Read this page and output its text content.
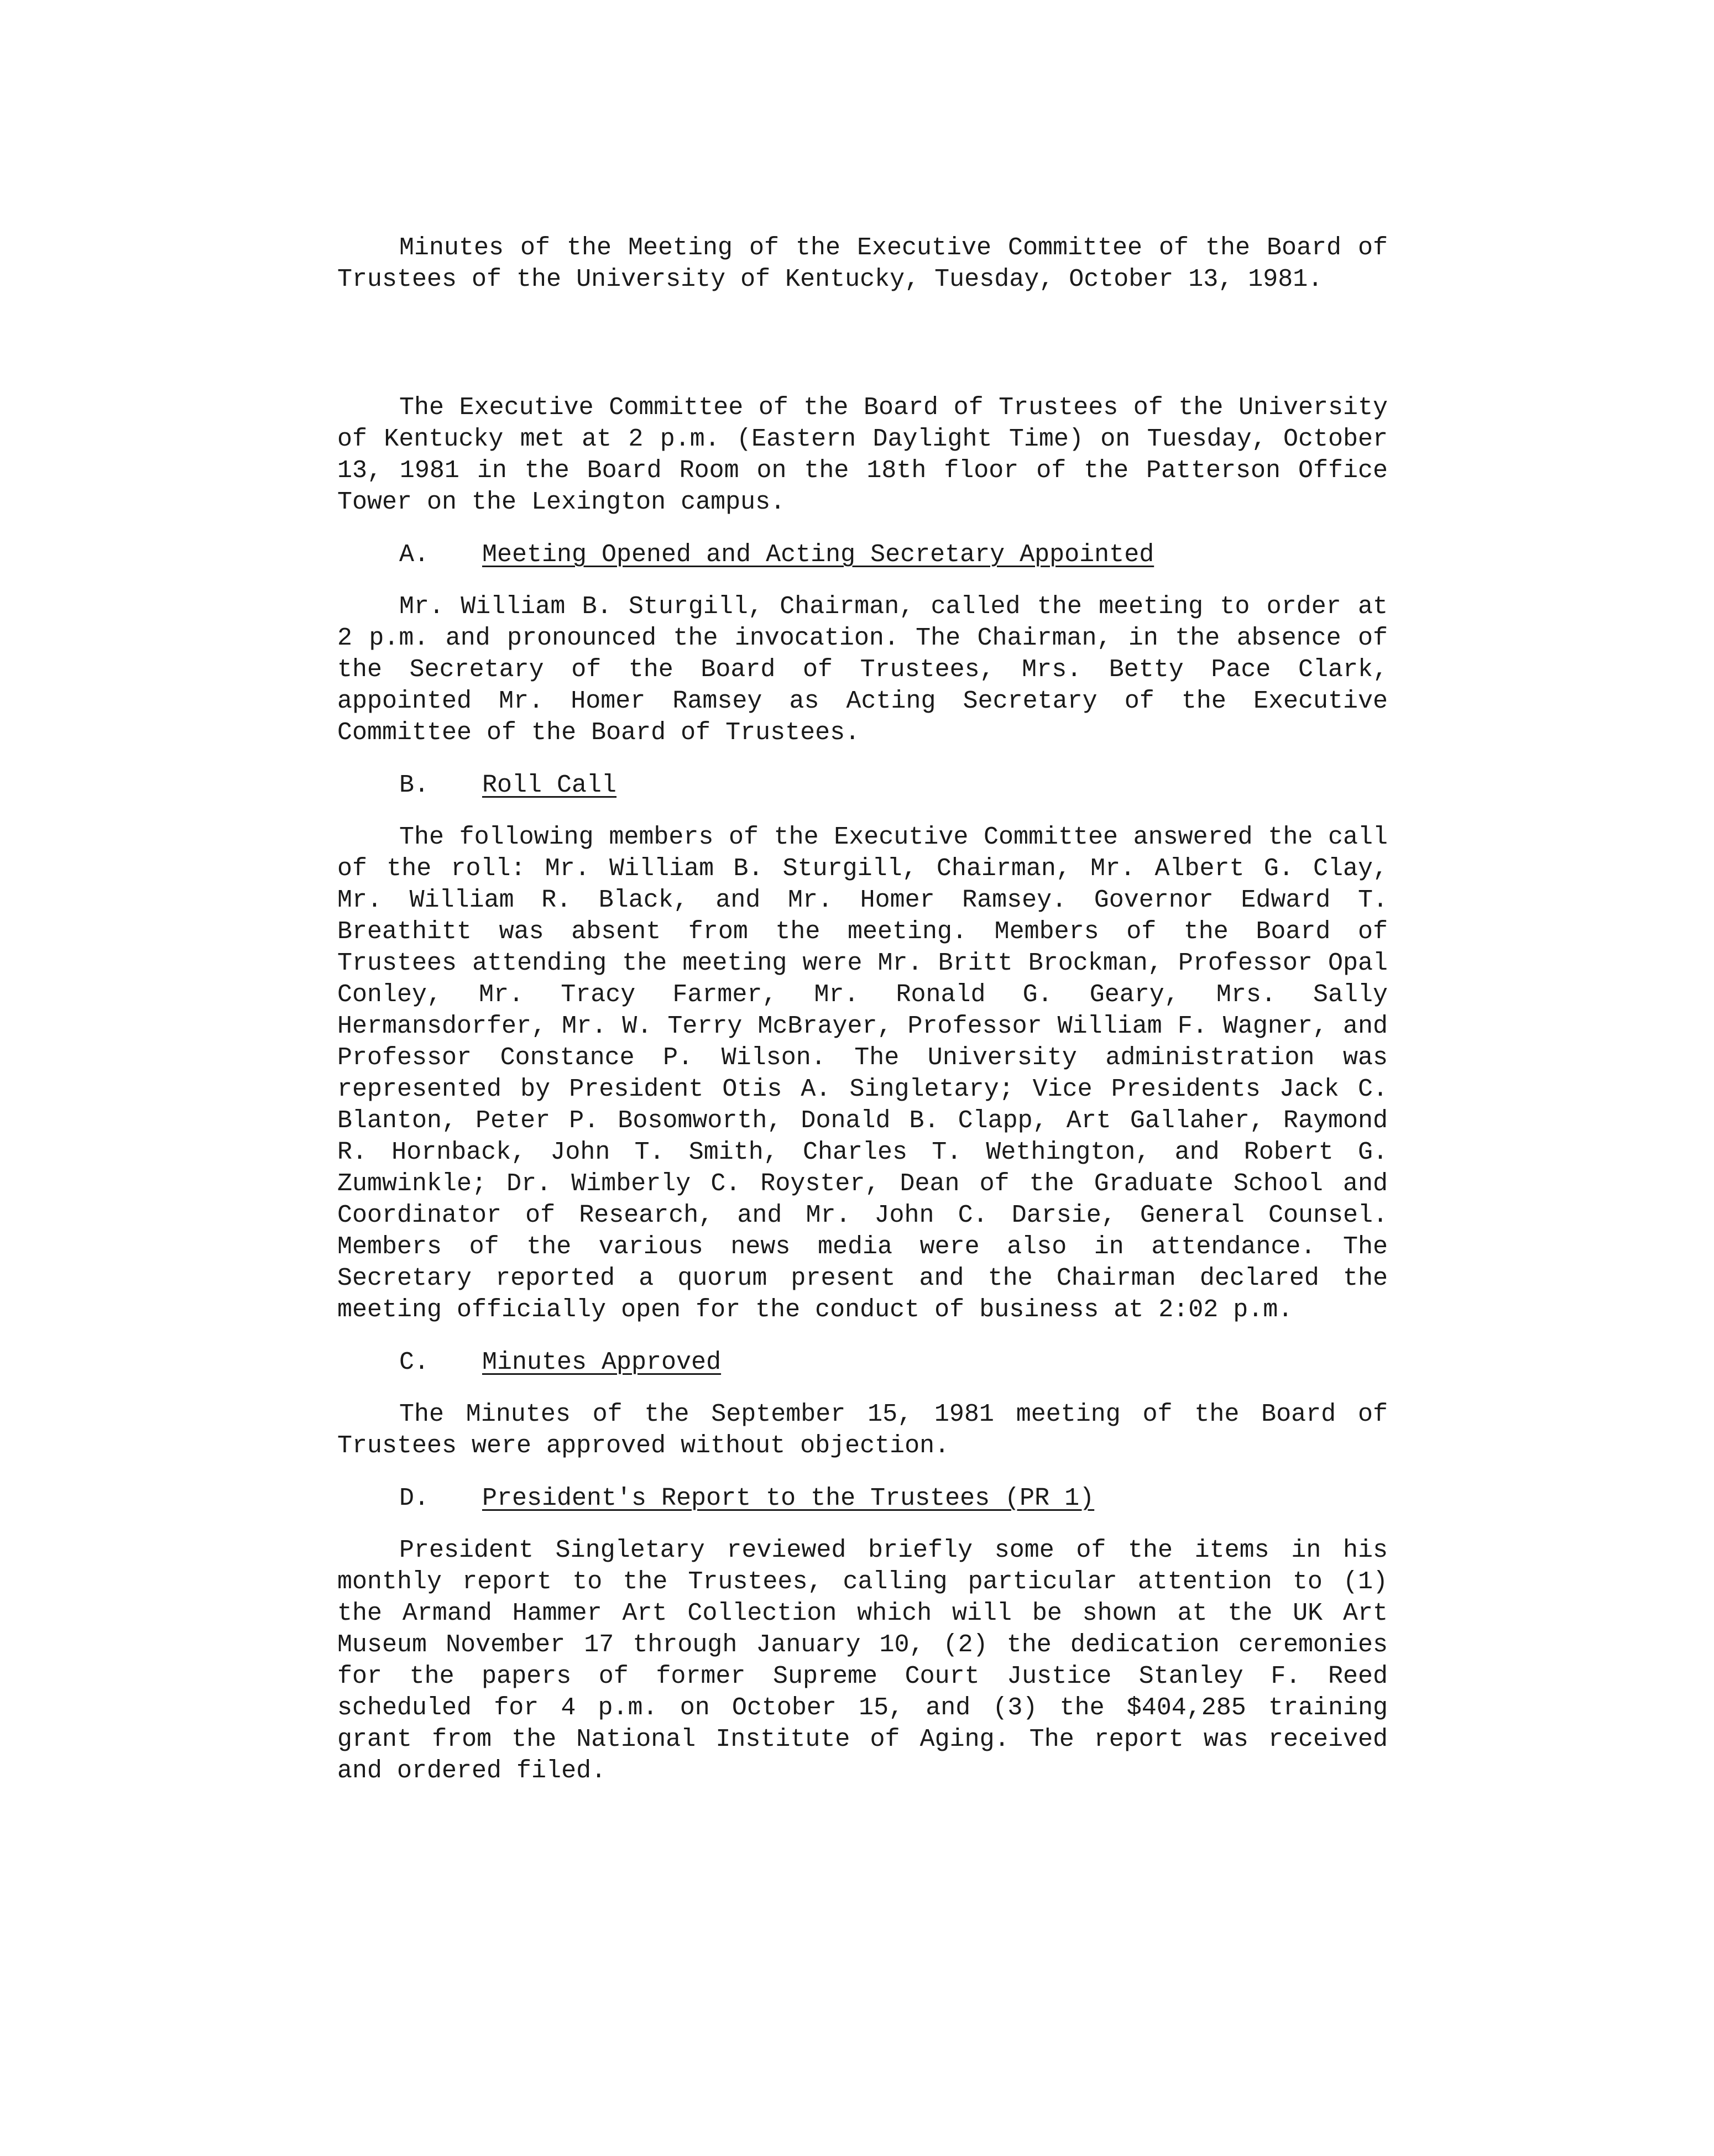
Minutes of the Meeting of the Executive Committee of the Board of Trustees of the University of Kentucky, Tuesday, October 13, 1981.

The Executive Committee of the Board of Trustees of the University of Kentucky met at 2 p.m. (Eastern Daylight Time) on Tuesday, October 13, 1981 in the Board Room on the 18th floor of the Patterson Office Tower on the Lexington campus.

A. Meeting Opened and Acting Secretary Appointed

Mr. William B. Sturgill, Chairman, called the meeting to order at 2 p.m. and pronounced the invocation. The Chairman, in the absence of the Secretary of the Board of Trustees, Mrs. Betty Pace Clark, appointed Mr. Homer Ramsey as Acting Secretary of the Executive Committee of the Board of Trustees.

B. Roll Call

The following members of the Executive Committee answered the call of the roll: Mr. William B. Sturgill, Chairman, Mr. Albert G. Clay, Mr. William R. Black, and Mr. Homer Ramsey. Governor Edward T. Breathitt was absent from the meeting. Members of the Board of Trustees attending the meeting were Mr. Britt Brockman, Professor Opal Conley, Mr. Tracy Farmer, Mr. Ronald G. Geary, Mrs. Sally Hermansdorfer, Mr. W. Terry McBrayer, Professor William F. Wagner, and Professor Constance P. Wilson. The University administration was represented by President Otis A. Singletary; Vice Presidents Jack C. Blanton, Peter P. Bosomworth, Donald B. Clapp, Art Gallaher, Raymond R. Hornback, John T. Smith, Charles T. Wethington, and Robert G. Zumwinkle; Dr. Wimberly C. Royster, Dean of the Graduate School and Coordinator of Research, and Mr. John C. Darsie, General Counsel. Members of the various news media were also in attendance. The Secretary reported a quorum present and the Chairman declared the meeting officially open for the conduct of business at 2:02 p.m.

C. Minutes Approved

The Minutes of the September 15, 1981 meeting of the Board of Trustees were approved without objection.

D. President's Report to the Trustees (PR 1)

President Singletary reviewed briefly some of the items in his monthly report to the Trustees, calling particular attention to (1) the Armand Hammer Art Collection which will be shown at the UK Art Museum November 17 through January 10, (2) the dedication ceremonies for the papers of former Supreme Court Justice Stanley F. Reed scheduled for 4 p.m. on October 15, and (3) the $404,285 training grant from the National Institute of Aging. The report was received and ordered filed.
